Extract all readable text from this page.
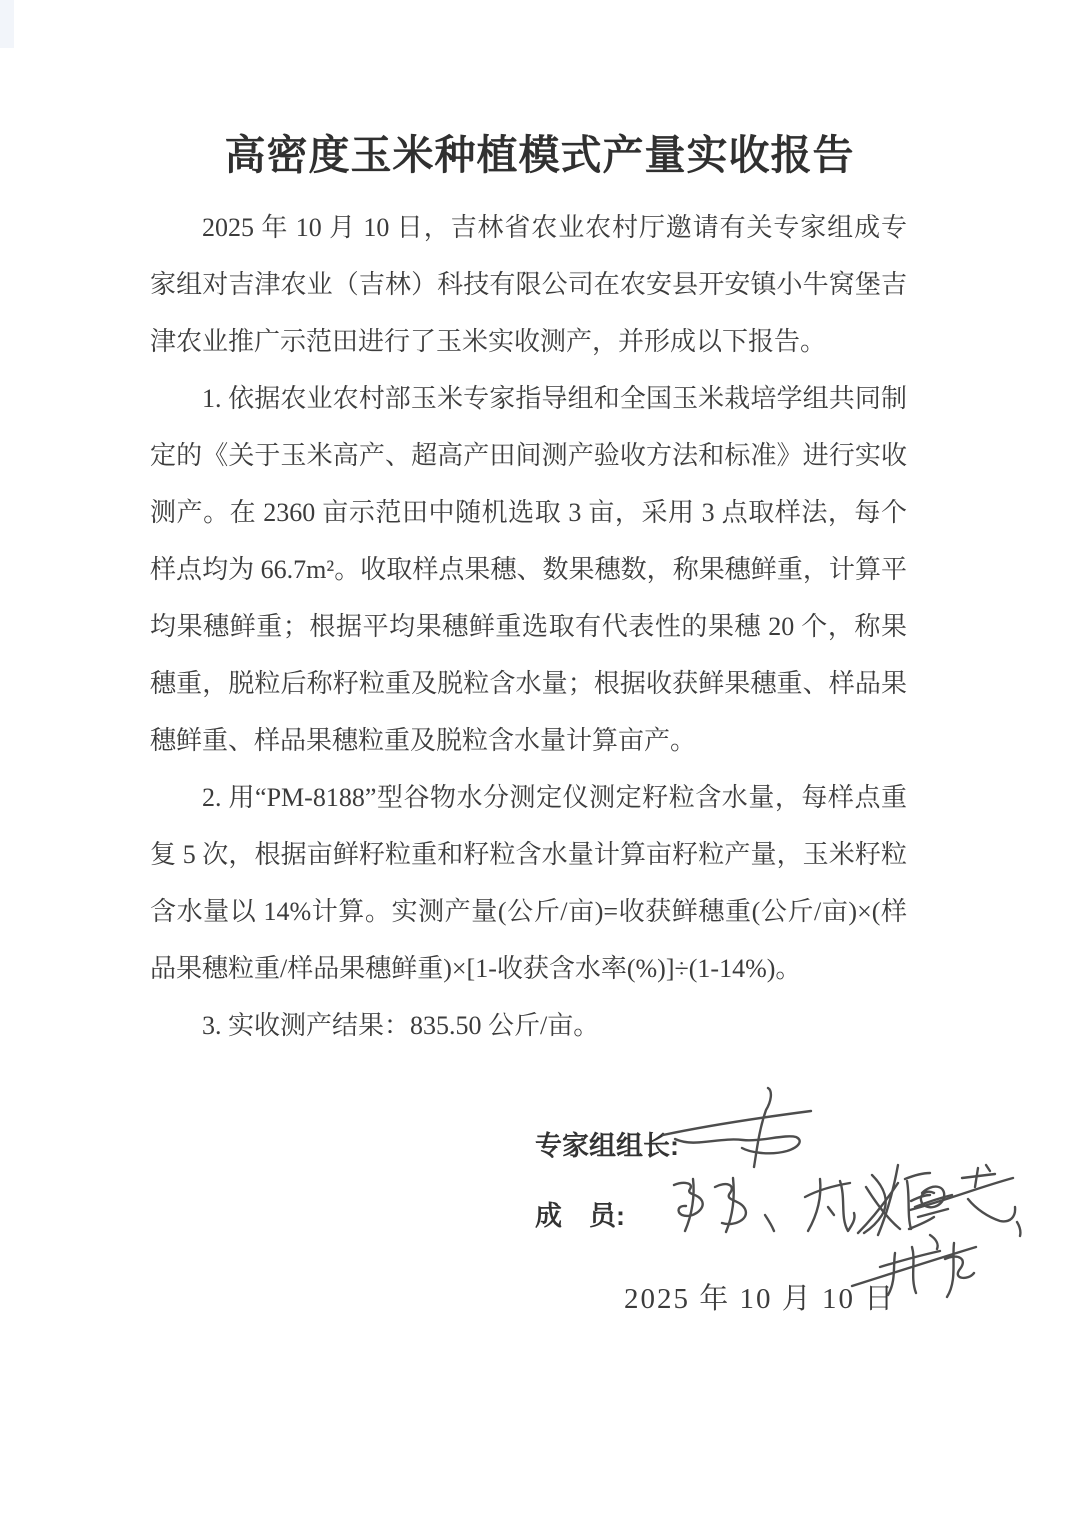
高密度玉米种植模式产量实收报告

2025 年 10 月 10 日，吉林省农业农村厅邀请有关专家组成专家组对吉津农业（吉林）科技有限公司在农安县开安镇小牛窝堡吉津农业推广示范田进行了玉米实收测产，并形成以下报告。

1. 依据农业农村部玉米专家指导组和全国玉米栽培学组共同制定的《关于玉米高产、超高产田间测产验收方法和标准》进行实收测产。在 2360 亩示范田中随机选取 3 亩，采用 3 点取样法，每个样点均为 66.7m²。收取样点果穗、数果穗数，称果穗鲜重，计算平均果穗鲜重；根据平均果穗鲜重选取有代表性的果穗 20 个，称果穗重，脱粒后称籽粒重及脱粒含水量；根据收获鲜果穗重、样品果穗鲜重、样品果穗粒重及脱粒含水量计算亩产。

2. 用“PM-8188”型谷物水分测定仪测定籽粒含水量，每样点重复 5 次，根据亩鲜籽粒重和籽粒含水量计算亩籽粒产量，玉米籽粒含水量以 14%计算。实测产量(公斤/亩)=收获鲜穗重(公斤/亩)×(样品果穗粒重/样品果穗鲜重)×[1-收获含水率(%)]÷(1-14%)。

3. 实收测产结果：835.50 公斤/亩。

专家组组长:
成　员:
2025 年 10 月 10 日
